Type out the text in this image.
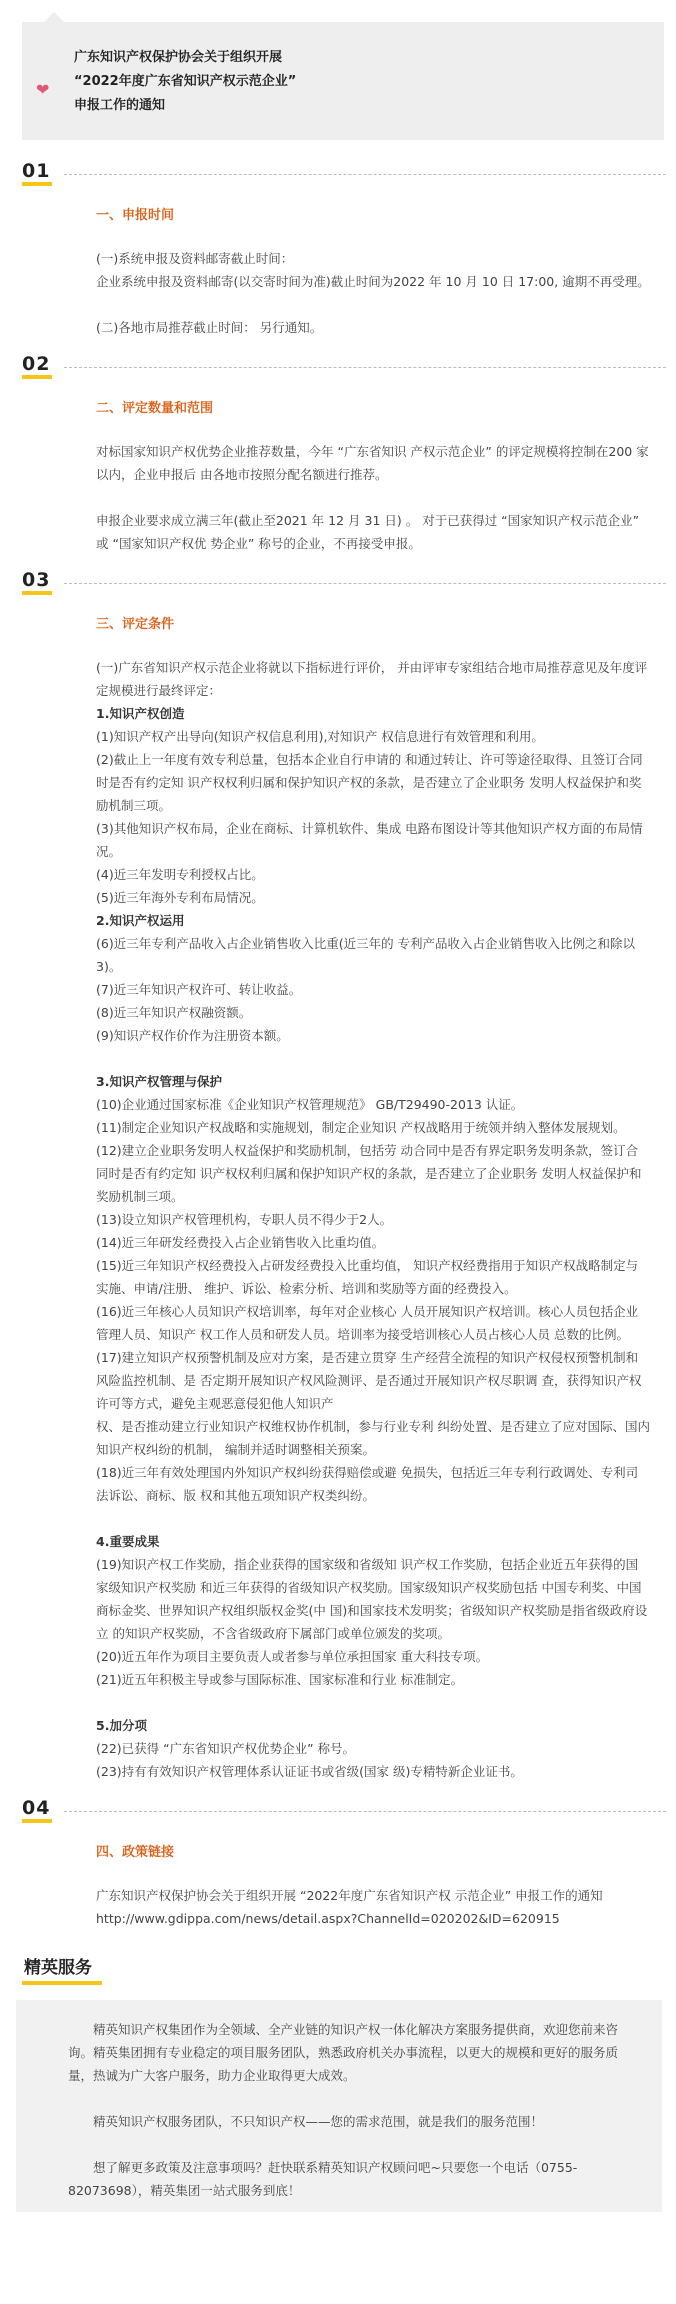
❤
广东知识产权保护协会关于组织开展
“2022年度广东省知识产权示范企业”
申报工作的通知
01
一、申报时间
(一)系统申报及资料邮寄截止时间：
企业系统申报及资料邮寄(以交寄时间为准)截止时间为2022 年 10 月 10 日 17:00, 逾期不再受理。
(二)各地市局推荐截止时间： 另行通知。
02
二、评定数量和范围
对标国家知识产权优势企业推荐数量，今年 “广东省知识 产权示范企业” 的评定规模将控制在200 家以内，企业申报后 由各地市按照分配名额进行推荐。
申报企业要求成立满三年(截止至2021 年 12 月 31 日) 。 对于已获得过 “国家知识产权示范企业” 或 “国家知识产权优 势企业” 称号的企业，不再接受申报。
03
三、评定条件
(一)广东省知识产权示范企业将就以下指标进行评价， 并由评审专家组结合地市局推荐意见及年度评定规模进行最终评定：
1.知识产权创造
(1)知识产权产出导向(知识产权信息利用),对知识产 权信息进行有效管理和利用。
(2)截止上一年度有效专利总量，包括本企业自行申请的 和通过转让、许可等途径取得、且签订合同时是否有约定知 识产权权利归属和保护知识产权的条款，是否建立了企业职务 发明人权益保护和奖励机制三项。
(3)其他知识产权布局，企业在商标、计算机软件、集成 电路布图设计等其他知识产权方面的布局情况。
(4)近三年发明专利授权占比。
(5)近三年海外专利布局情况。
2.知识产权运用
(6)近三年专利产品收入占企业销售收入比重(近三年的 专利产品收入占企业销售收入比例之和除以3)。
(7)近三年知识产权许可、转让收益。
(8)近三年知识产权融资额。
(9)知识产权作价作为注册资本额。
3.知识产权管理与保护
(10)企业通过国家标准《企业知识产权管理规范》 GB/T29490-2013 认证。
(11)制定企业知识产权战略和实施规划，制定企业知识 产权战略用于统领并纳入整体发展规划。
(12)建立企业职务发明人权益保护和奖励机制，包括劳 动合同中是否有界定职务发明条款，签订合同时是否有约定知 识产权权利归属和保护知识产权的条款，是否建立了企业职务 发明人权益保护和奖励机制三项。
(13)设立知识产权管理机构，专职人员不得少于2人。
(14)近三年研发经费投入占企业销售收入比重均值。
(15)近三年知识产权经费投入占研发经费投入比重均值， 知识产权经费指用于知识产权战略制定与实施、申请/注册、 维护、诉讼、检索分析、培训和奖励等方面的经费投入。
(16)近三年核心人员知识产权培训率，每年对企业核心 人员开展知识产权培训。核心人员包括企业管理人员、知识产 权工作人员和研发人员。培训率为接受培训核心人员占核心人员 总数的比例。
(17)建立知识产权预警机制及应对方案，是否建立贯穿 生产经营全流程的知识产权侵权预警机制和风险监控机制、是 否定期开展知识产权风险测评、是否通过开展知识产权尽职调 查，获得知识产权许可等方式，避免主观恶意侵犯他人知识产
权、是否推动建立行业知识产权维权协作机制，参与行业专利 纠纷处置、是否建立了应对国际、国内知识产权纠纷的机制， 编制并适时调整相关预案。
(18)近三年有效处理国内外知识产权纠纷获得赔偿或避 免损失，包括近三年专利行政调处、专利司法诉讼、商标、版 权和其他五项知识产权类纠纷。
4.重要成果
(19)知识产权工作奖励，指企业获得的国家级和省级知 识产权工作奖励，包括企业近五年获得的国家级知识产权奖励 和近三年获得的省级知识产权奖励。国家级知识产权奖励包括 中国专利奖、中国商标金奖、世界知识产权组织版权金奖(中 国)和国家技术发明奖；省级知识产权奖励是指省级政府设立 的知识产权奖励，不含省级政府下属部门或单位颁发的奖项。
(20)近五年作为项目主要负责人或者参与单位承担国家 重大科技专项。
(21)近五年积极主导或参与国际标准、国家标准和行业 标准制定。
5.加分项
(22)已获得 “广东省知识产权优势企业” 称号。
(23)持有有效知识产权管理体系认证证书或省级(国家 级)专精特新企业证书。
04
四、政策链接
广东知识产权保护协会关于组织开展 “2022年度广东省知识产权 示范企业” 申报工作的通知
http://www.gdippa.com/news/detail.aspx?ChannelId=020202&ID=620915
精英服务
精英知识产权集团作为全领域、全产业链的知识产权一体化解决方案服务提供商，欢迎您前来咨询。精英集团拥有专业稳定的项目服务团队，熟悉政府机关办事流程，以更大的规模和更好的服务质量，热诚为广大客户服务，助力企业取得更大成效。
精英知识产权服务团队，不只知识产权——您的需求范围，就是我们的服务范围！
想了解更多政策及注意事项吗？赶快联系精英知识产权顾问吧~只要您一个电话（0755-82073698），精英集团一站式服务到底！
